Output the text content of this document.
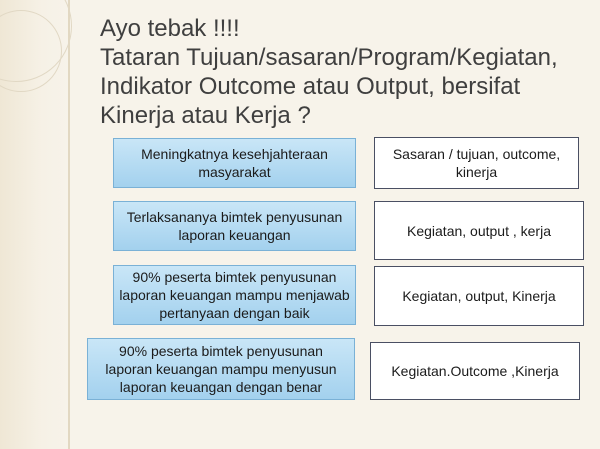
Ayo tebak !!!!
Tataran Tujuan/sasaran/Program/Kegiatan,
Indikator Outcome atau Output, bersifat
Kinerja atau Kerja ?
Meningkatnya kesehjahteraan
masyarakat
Sasaran / tujuan, outcome,
kinerja
Terlaksananya bimtek penyusunan
laporan keuangan	Kegiatan, output , kerja
90% peserta bimtek penyusunan
laporan keuangan mampu menjawab
pertanyaan dengan baik
Kegiatan, output, Kinerja
90% peserta bimtek penyusunan
laporan keuangan mampu menyusun
laporan keuangan dengan benar
Kegiatan.Outcome ,Kinerja
